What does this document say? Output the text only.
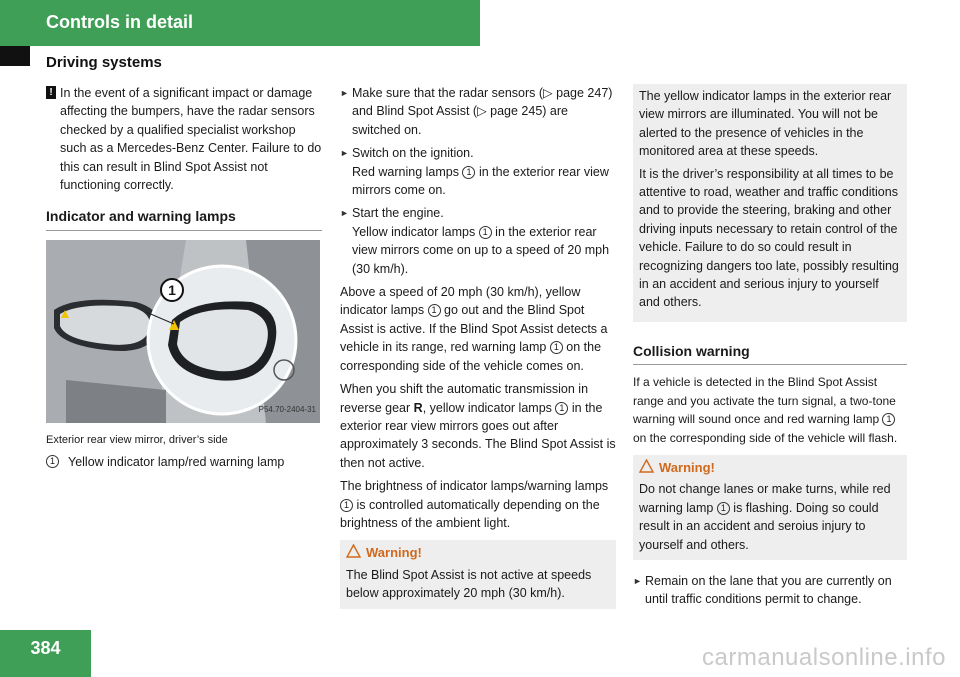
Controls in detail
Driving systems

! In the event of a significant impact or damage affecting the bumpers, have the radar sensors checked by a qualified specialist workshop such as a Mercedes-Benz Center. Failure to do this can result in Blind Spot Assist not functioning correctly.

Indicator and warning lamps
1
P54.70-2404-31
Exterior rear view mirror, driver’s side
1	Yellow indicator lamp/red warning lamp
► Make sure that the radar sensors (▷ page 247) and Blind Spot Assist (▷ page 245) are switched on.
► Switch on the ignition.
Red warning lamps 1 in the exterior rear view mirrors come on.
► Start the engine.
Yellow indicator lamps 1 in the exterior rear view mirrors come on up to a speed of 20 mph (30 km/h).

Above a speed of 20 mph (30 km/h), yellow indicator lamps 1 go out and the Blind Spot Assist is active. If the Blind Spot Assist detects a vehicle in its range, red warning lamp 1 on the corresponding side of the vehicle comes on.

When you shift the automatic transmission in reverse gear R, yellow indicator lamps 1 in the exterior rear view mirrors goes out after approximately 3 seconds. The Blind Spot Assist is then not active.

The brightness of indicator lamps/warning lamps 1 is controlled automatically depending on the brightness of the ambient light.

Warning!
The Blind Spot Assist is not active at speeds below approximately 20 mph (30 km/h).

The yellow indicator lamps in the exterior rear view mirrors are illuminated. You will not be alerted to the presence of vehicles in the monitored area at these speeds.

It is the driver’s responsibility at all times to be attentive to road, weather and traffic conditions and to provide the steering, braking and other driving inputs necessary to retain control of the vehicle. Failure to do so could result in recognizing dangers too late, possibly resulting in an accident and serious injury to yourself and others.

Collision warning

If a vehicle is detected in the Blind Spot Assist range and you activate the turn signal, a two-tone warning will sound once and red warning lamp 1 on the corresponding side of the vehicle will flash.

Warning!
Do not change lanes or make turns, while red warning lamp 1 is flashing. Doing so could result in an accident and seroius injury to yourself and others.
► Remain on the lane that you are currently on until traffic conditions permit to change.
384	carmanualsonline.info
